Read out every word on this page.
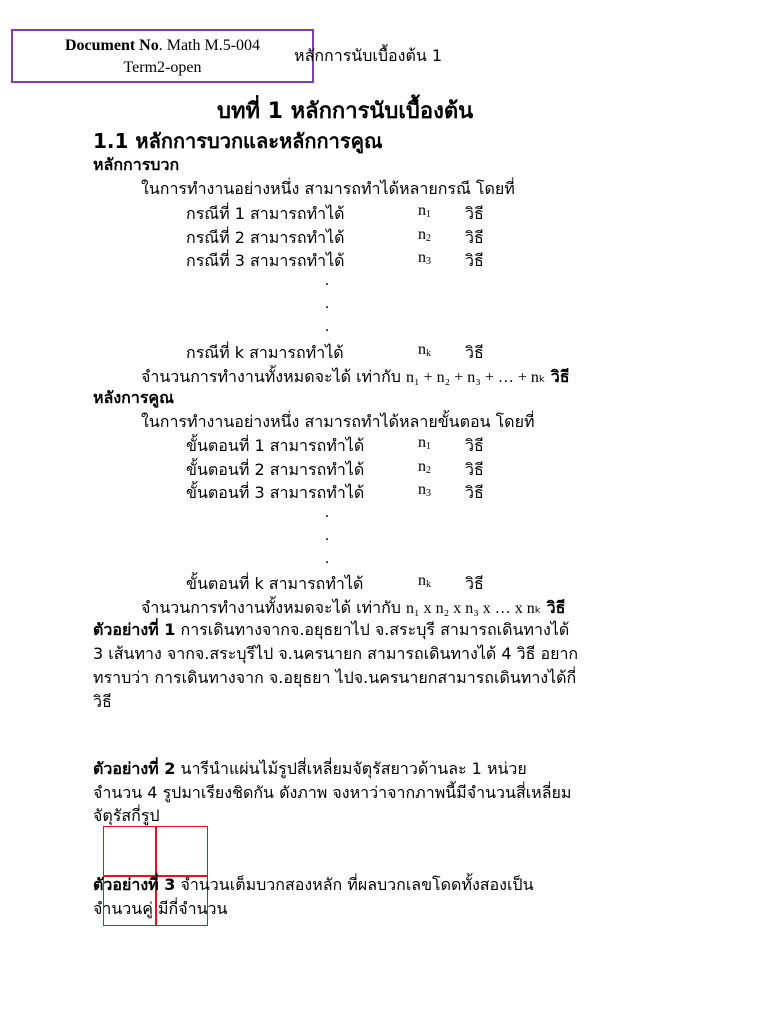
Document No. Math M.5-004
Term2-open
หลักการนับเบื้องต้น 1
บทที่ 1 หลักการนับเบื้องต้น
1.1 หลักการบวกและหลักการคูณ
หลักการบวก
ในการทำงานอย่างหนึ่ง สามารถทำได้หลายกรณี โดยที่
กรณีที่ 1 สามารถทำได้	$n_1$ วิธี
กรณีที่ 2 สามารถทำได้	$n_2$ วิธี
กรณีที่ 3 สามารถทำได้	$n_3$ วิธี
.
.
.
กรณีที่ k สามารถทำได้	$n_k$ วิธี
จำนวนการทำงานทั้งหมดจะได้ เท่ากับ n₁ + n₂ + n₃ + … + nₖ วิธี
หลังการคูณ
ในการทำงานอย่างหนึ่ง สามารถทำได้หลายขั้นตอน โดยที่
ขั้นตอนที่ 1 สามารถทำได้	$n_1$ วิธี
ขั้นตอนที่ 2 สามารถทำได้	$n_2$ วิธี
ขั้นตอนที่ 3 สามารถทำได้	$n_3$ วิธี
.
.
.
ขั้นตอนที่ k สามารถทำได้	$n_k$ วิธี
จำนวนการทำงานทั้งหมดจะได้ เท่ากับ n₁ x n₂ x n₃ x … x nₖ วิธี
ตัวอย่างที่ 1 การเดินทางจากจ.อยุธยาไป จ.สระบุรี สามารถเดินทางได้
3 เส้นทาง จากจ.สระบุรีไป จ.นครนายก สามารถเดินทางได้ 4 วิธี อยาก
ทราบว่า การเดินทางจาก จ.อยุธยา ไปจ.นครนายกสามารถเดินทางได้กี่
วิธี
ตัวอย่างที่ 2 นารีนำแผ่นไม้รูปสี่เหลี่ยมจัตุรัสยาวด้านละ 1 หน่วย
จำนวน 4 รูปมาเรียงชิดกัน ดังภาพ จงหาว่าจากภาพนี้มีจำนวนสี่เหลี่ยม
จัตุรัสกี่รูป
ตัวอย่างที่ 3 จำนวนเต็มบวกสองหลัก ที่ผลบวกเลขโดดทั้งสองเป็น
จำนวนคู่ มีกี่จำนวน
